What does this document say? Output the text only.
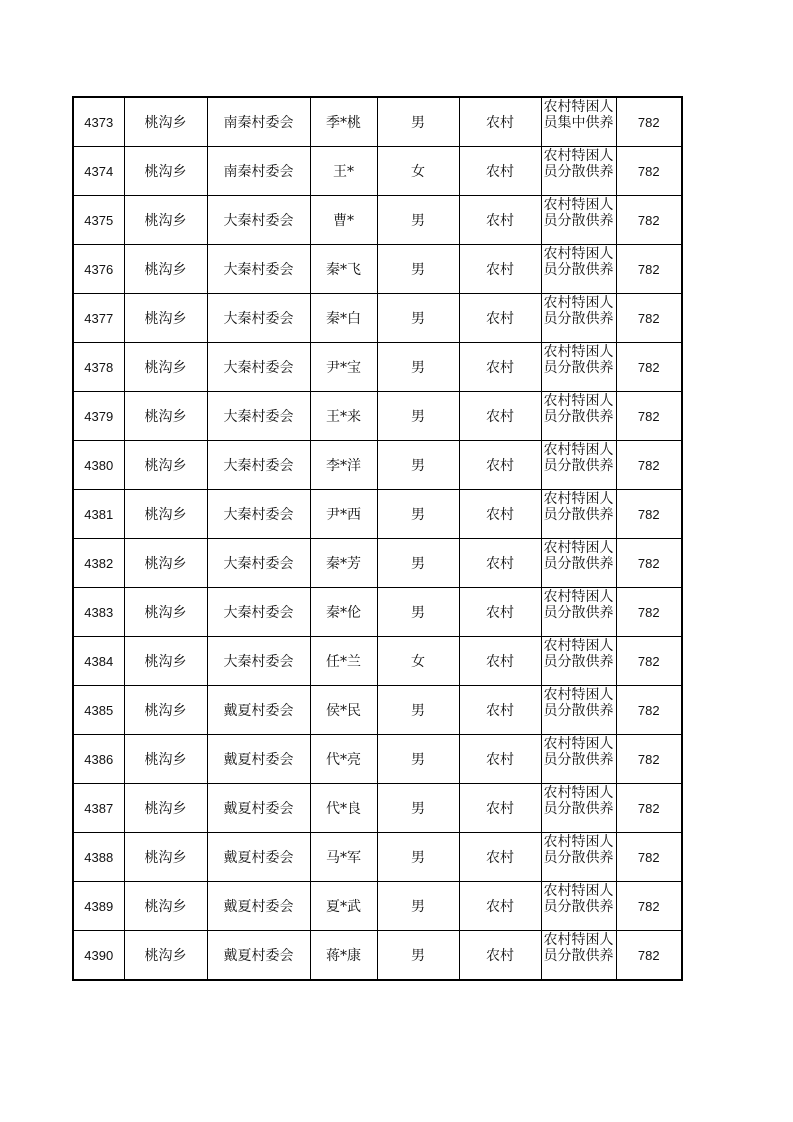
4373	桃沟乡	南秦村委会	季*桃	男	农村	农村特困人员集中供养	782
4374	桃沟乡	南秦村委会	王*	女	农村	农村特困人员分散供养	782
4375	桃沟乡	大秦村委会	曹*	男	农村	农村特困人员分散供养	782
4376	桃沟乡	大秦村委会	秦*飞	男	农村	农村特困人员分散供养	782
4377	桃沟乡	大秦村委会	秦*白	男	农村	农村特困人员分散供养	782
4378	桃沟乡	大秦村委会	尹*宝	男	农村	农村特困人员分散供养	782
4379	桃沟乡	大秦村委会	王*来	男	农村	农村特困人员分散供养	782
4380	桃沟乡	大秦村委会	李*洋	男	农村	农村特困人员分散供养	782
4381	桃沟乡	大秦村委会	尹*西	男	农村	农村特困人员分散供养	782
4382	桃沟乡	大秦村委会	秦*芳	男	农村	农村特困人员分散供养	782
4383	桃沟乡	大秦村委会	秦*伦	男	农村	农村特困人员分散供养	782
4384	桃沟乡	大秦村委会	任*兰	女	农村	农村特困人员分散供养	782
4385	桃沟乡	戴夏村委会	侯*民	男	农村	农村特困人员分散供养	782
4386	桃沟乡	戴夏村委会	代*亮	男	农村	农村特困人员分散供养	782
4387	桃沟乡	戴夏村委会	代*良	男	农村	农村特困人员分散供养	782
4388	桃沟乡	戴夏村委会	马*军	男	农村	农村特困人员分散供养	782
4389	桃沟乡	戴夏村委会	夏*武	男	农村	农村特困人员分散供养	782
4390	桃沟乡	戴夏村委会	蒋*康	男	农村	农村特困人员分散供养	782
